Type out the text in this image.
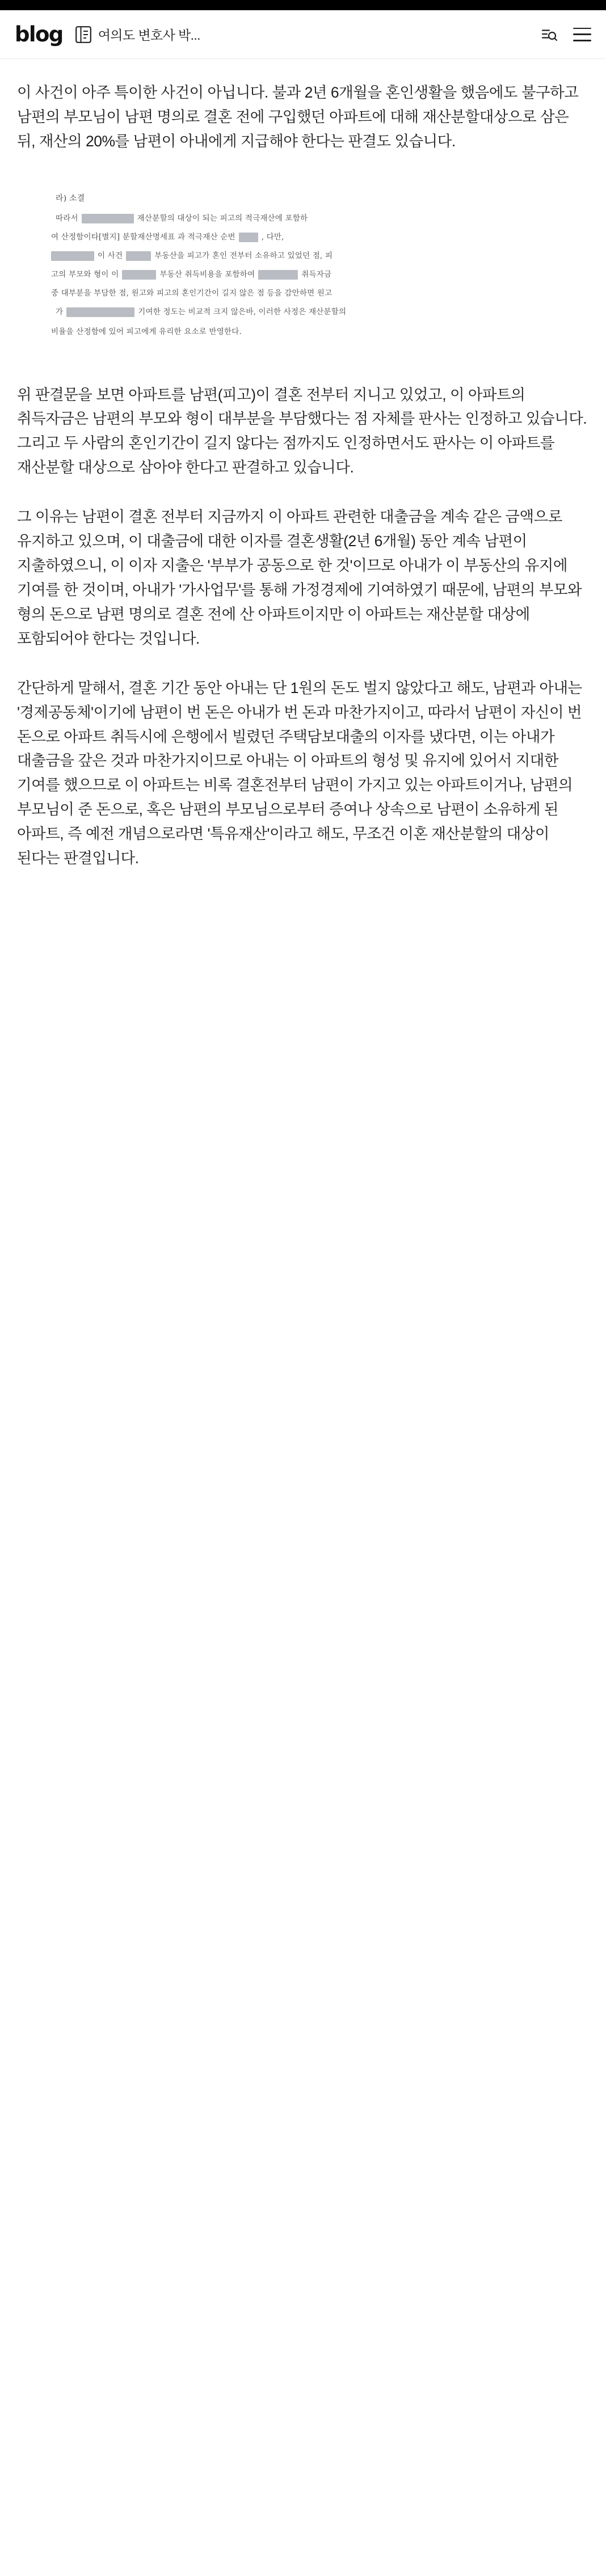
blog	여의도 변호사 박...

이 사건이 아주 특이한 사건이 아닙니다. 불과 2년 6개월을 혼인생활을 했음에도 불구하고 남편의 부모님이 남편 명의로 결혼 전에 구입했던 아파트에 대해 재산분할대상으로 삼은 뒤, 재산의 20%를 남편이 아내에게 지급해야 한다는 판결도 있습니다.

라) 소결
따라서	재산분할의 대상이 되는 피고의 적극재산에 포함하
여 산정함이타[별지] 분할재산명세표 과 적극재산 순번	, 다만,
이 사건	부동산을 피고가 혼인 전부터 소유하고 있었던 점, 피
고의 부모와 형이 이	부동산 취득비용을 포함하여	취득자금
중 대부분을 부담한 점, 원고와 피고의 혼인기간이 길지 않은 점 등을 감안하면 원고
가	기여한 정도는 비교적 크지 않은바, 이러한 사정은 재산분할의
비율을 산정함에 있어 피고에게 유리한 요소로 반영한다.

위 판결문을 보면 아파트를 남편(피고)이 결혼 전부터 지니고 있었고, 이 아파트의 취득자금은 남편의 부모와 형이 대부분을 부담했다는 점 자체를 판사는 인정하고 있습니다. 그리고 두 사람의 혼인기간이 길지 않다는 점까지도 인정하면서도 판사는 이 아파트를 재산분할 대상으로 삼아야 한다고 판결하고 있습니다.

그 이유는 남편이 결혼 전부터 지금까지 이 아파트 관련한 대출금을 계속 같은 금액으로 유지하고 있으며, 이 대출금에 대한 이자를 결혼생활(2년 6개월) 동안 계속 남편이 지출하였으니, 이 이자 지출은 '부부가 공동으로 한 것'이므로 아내가 이 부동산의 유지에 기여를 한 것이며, 아내가 '가사업무'를 통해 가정경제에 기여하였기 때문에, 남편의 부모와 형의 돈으로 남편 명의로 결혼 전에 산 아파트이지만 이 아파트는 재산분할 대상에 포함되어야 한다는 것입니다.

간단하게 말해서, 결혼 기간 동안 아내는 단 1원의 돈도 벌지 않았다고 해도, 남편과 아내는 '경제공동체'이기에 남편이 번 돈은 아내가 번 돈과 마찬가지이고, 따라서 남편이 자신이 번 돈으로 아파트 취득시에 은행에서 빌렸던 주택담보대출의 이자를 냈다면, 이는 아내가 대출금을 갚은 것과 마찬가지이므로 아내는 이 아파트의 형성 및 유지에 있어서 지대한 기여를 했으므로 이 아파트는 비록 결혼전부터 남편이 가지고 있는 아파트이거나, 남편의 부모님이 준 돈으로, 혹은 남편의 부모님으로부터 증여나 상속으로 남편이 소유하게 된 아파트, 즉 예전 개념으로라면 '특유재산'이라고 해도, 무조건 이혼 재산분할의 대상이 된다는 판결입니다.
